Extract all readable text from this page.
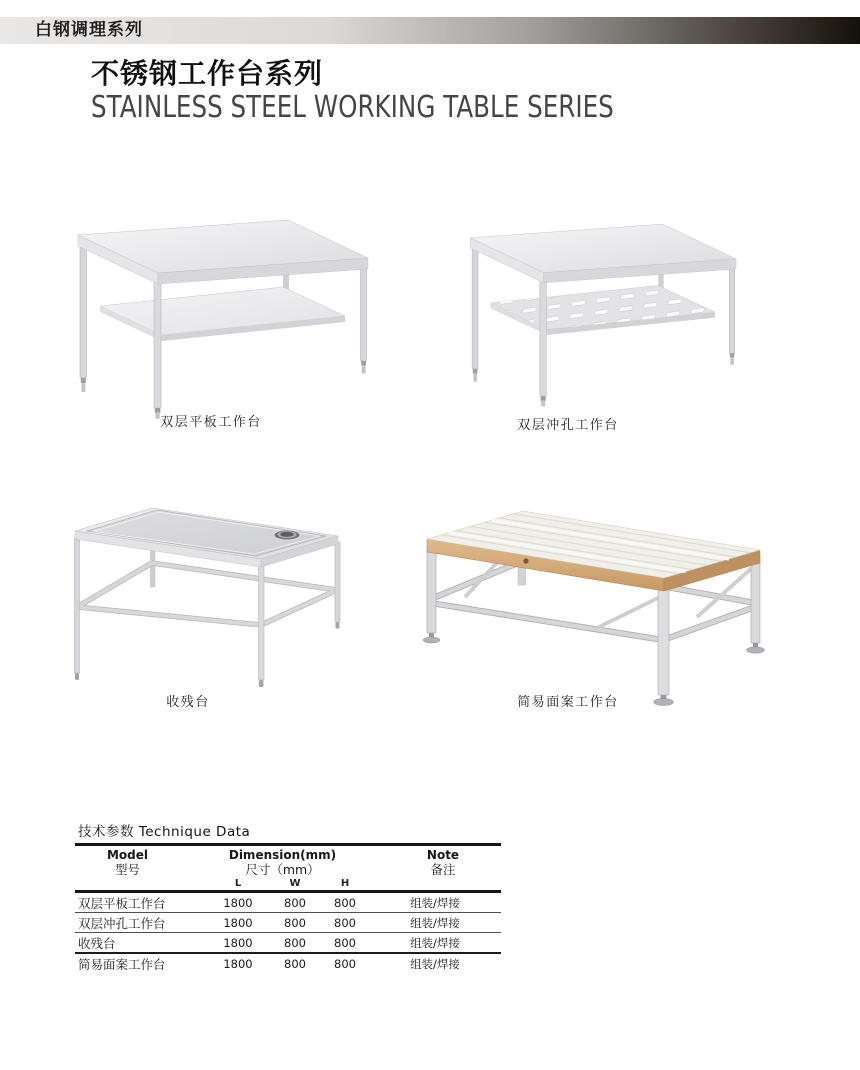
白钢调理系列
不锈钢工作台系列
STAINLESS STEEL WORKING TABLE SERIES
双层平板工作台	双层冲孔工作台
收残台	简易面案工作台
技术参数 Technique Data
Model
型号
Dimension(mm)
尺寸（mm）
Note
备注
L	W	H
双层平板工作台	1800	800	800	组装/焊接
双层冲孔工作台	1800	800	800	组装/焊接
收残台	1800	800	800	组装/焊接
简易面案工作台	1800	800	800	组装/焊接
